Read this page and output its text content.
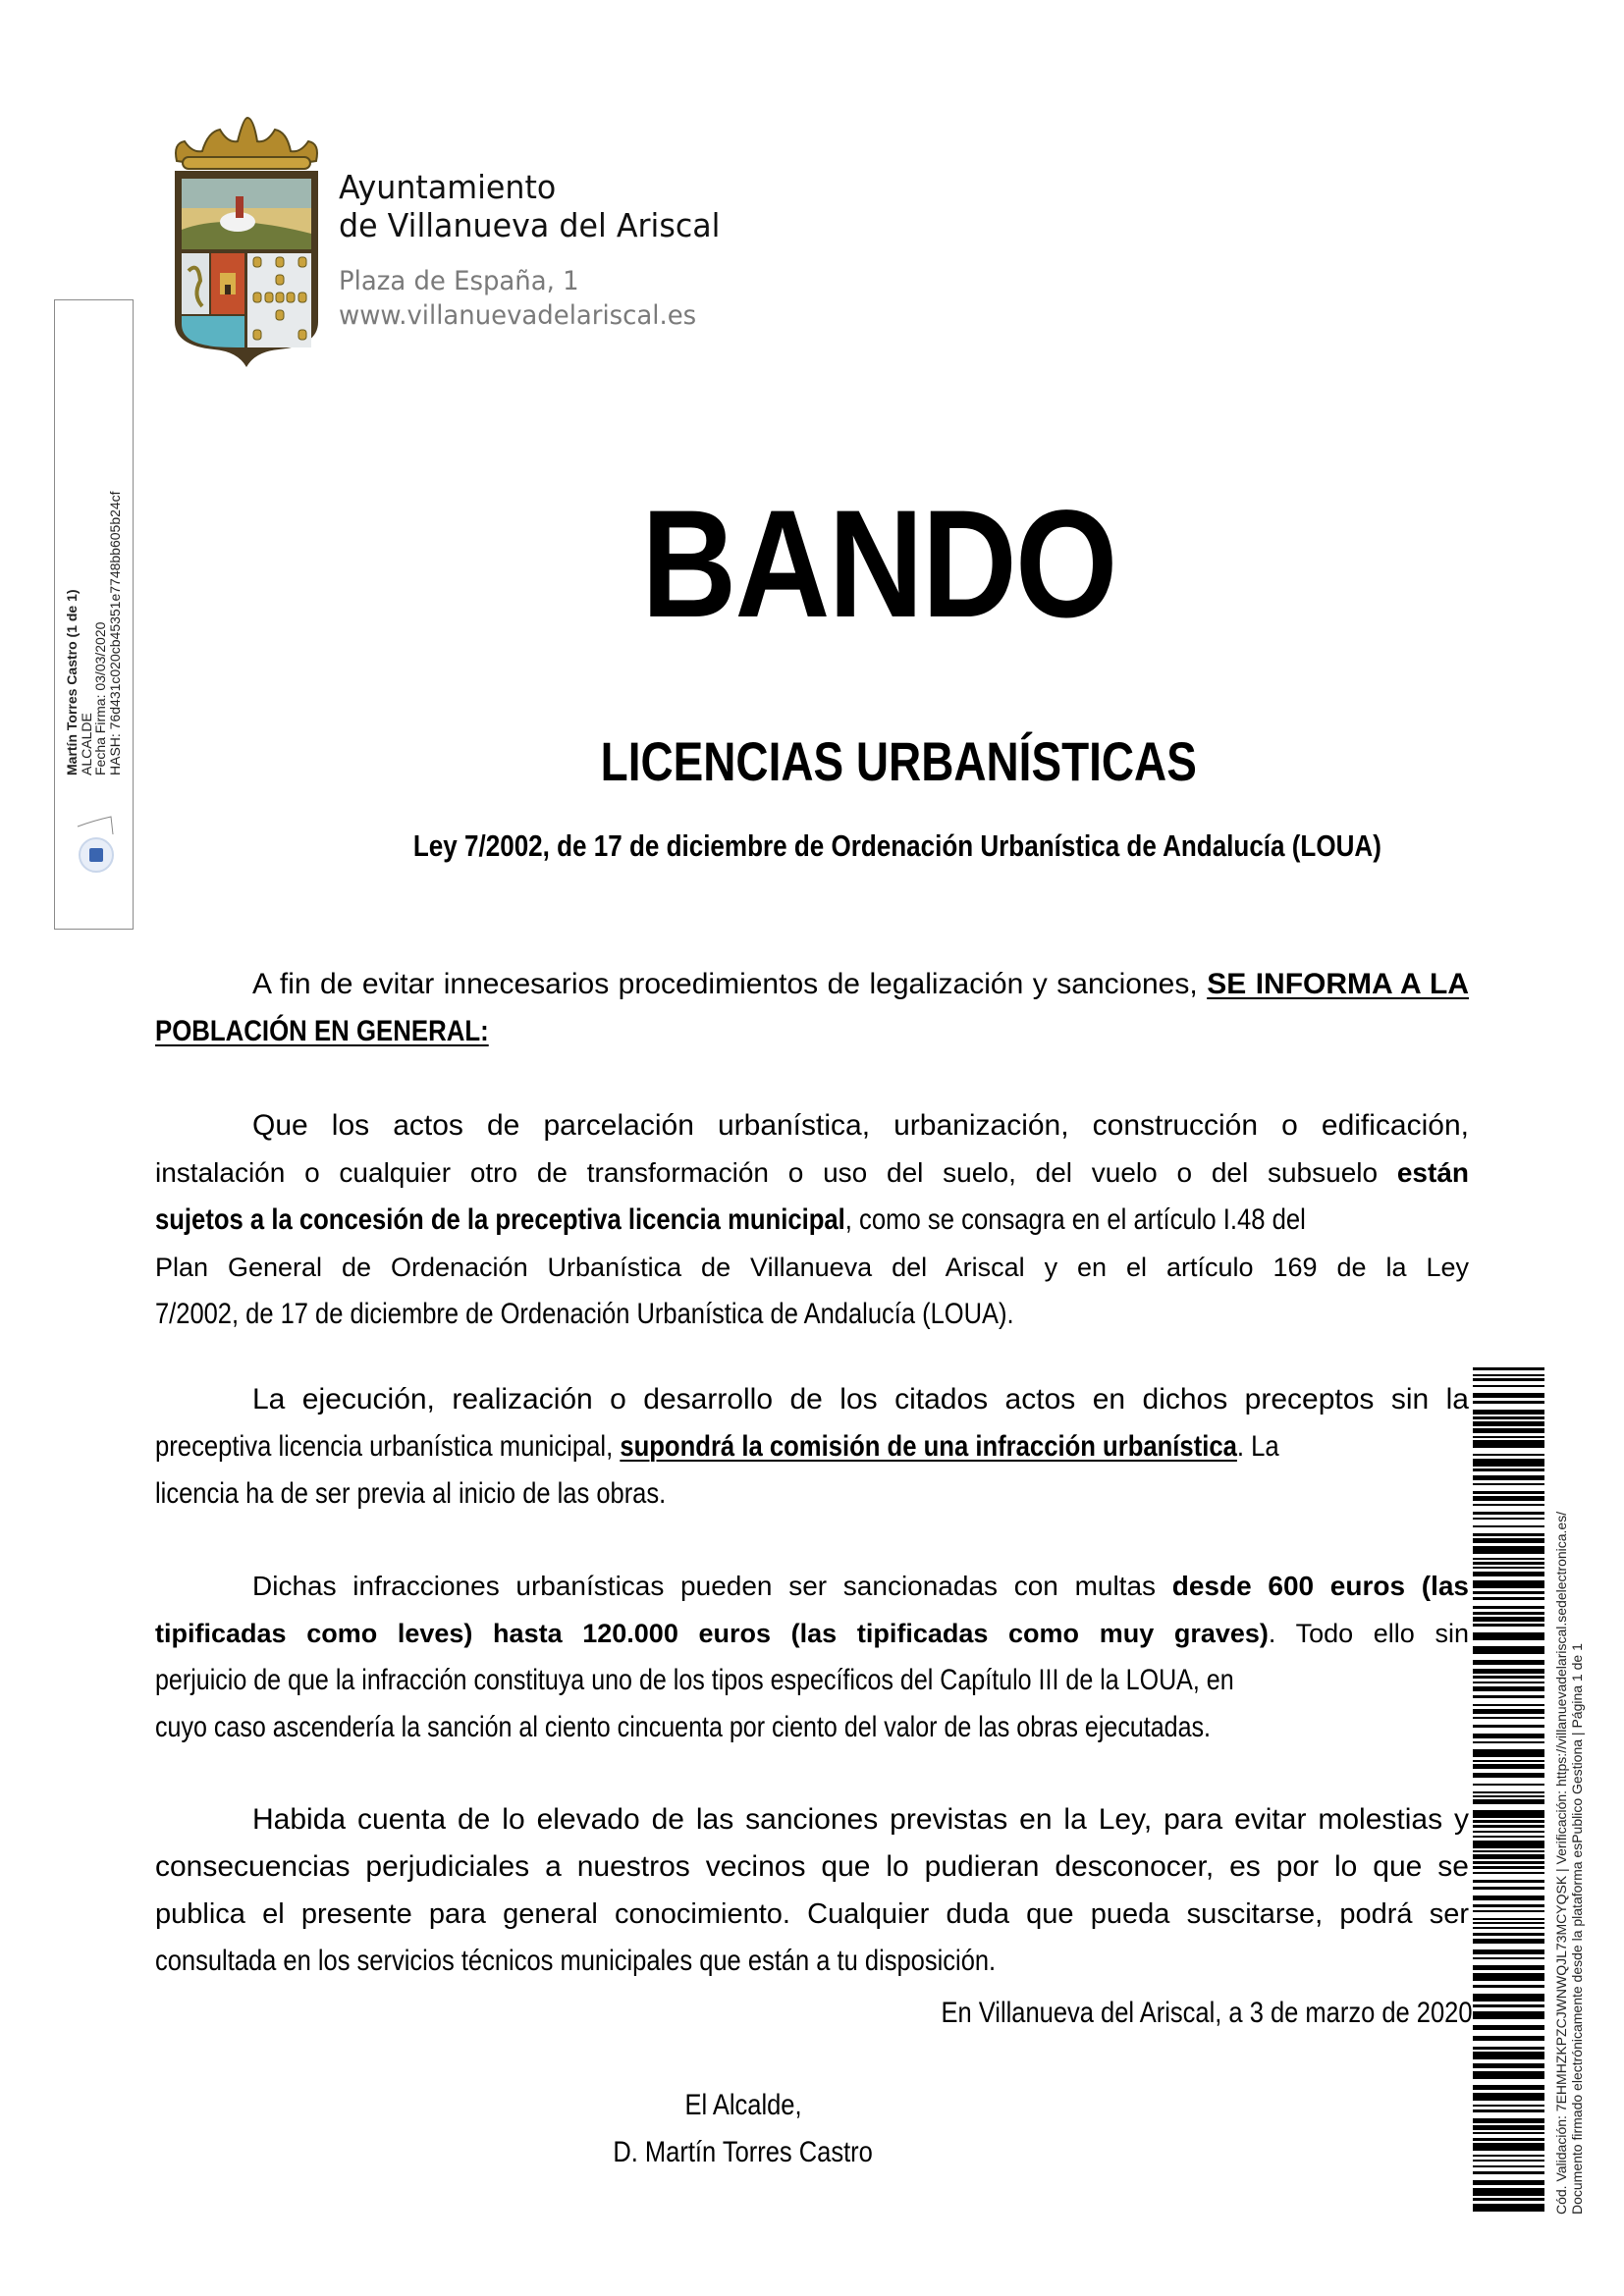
Ayuntamiento
de Villanueva del Ariscal
Plaza de España, 1
www.villanuevadelariscal.es
BANDO
LICENCIAS URBANÍSTICAS
Ley 7/2002, de 17 de diciembre de Ordenación Urbanística de Andalucía (LOUA)
A fin de evitar innecesarios procedimientos de legalización y sanciones, SE INFORMA A LA
POBLACIÓN EN GENERAL:
Que los actos de parcelación urbanística, urbanización, construcción o edificación,
instalación o cualquier otro de transformación o uso del suelo, del vuelo o del subsuelo están
sujetos a la concesión de la preceptiva licencia municipal, como se consagra en el artículo I.48 del
Plan General de Ordenación Urbanística de Villanueva del Ariscal y en el artículo 169 de la Ley
7/2002, de 17 de diciembre de Ordenación Urbanística de Andalucía (LOUA).
La ejecución, realización o desarrollo de los citados actos en dichos preceptos sin la
preceptiva licencia urbanística municipal, supondrá la comisión de una infracción urbanística. La
licencia ha de ser previa al inicio de las obras.
Dichas infracciones urbanísticas pueden ser sancionadas con multas desde 600 euros (las
tipificadas como leves) hasta 120.000 euros (las tipificadas como muy graves). Todo ello sin
perjuicio de que la infracción constituya uno de los tipos específicos del Capítulo III de la LOUA, en
cuyo caso ascendería la sanción al ciento cincuenta por ciento del valor de las obras ejecutadas.
Habida cuenta de lo elevado de las sanciones previstas en la Ley, para evitar molestias y
consecuencias perjudiciales a nuestros vecinos que lo pudieran desconocer, es por lo que se
publica el presente para general conocimiento. Cualquier duda que pueda suscitarse, podrá ser
consultada en los servicios técnicos municipales que están a tu disposición.
En Villanueva del Ariscal, a 3 de marzo de 2020
El Alcalde,
D. Martín Torres Castro
Martín Torres Castro (1 de 1)
ALCALDE
Fecha Firma: 03/03/2020
HASH: 76d431c020cb45351e7748bb605b24cf
Cód. Validación: 7EHMHZKPZCJWNWQJL73MCYQSK | Verificación: https://villanuevadelariscal.sedelectronica.es/ Documento firmado electrónicamente desde la plataforma esPublico Gestiona | Página 1 de 1
